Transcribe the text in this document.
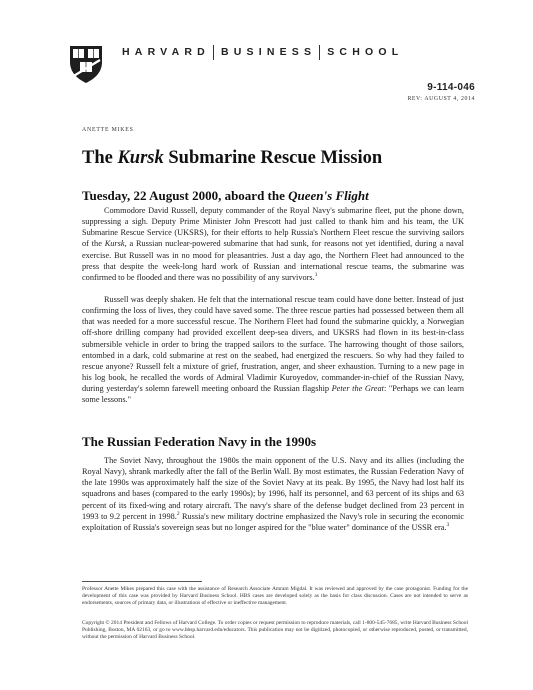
HARVARD BUSINESS SCHOOL
9-114-046
REV: AUGUST 4, 2014
ANETTE MIKES
The Kursk Submarine Rescue Mission
Tuesday, 22 August 2000, aboard the Queen's Flight

Commodore David Russell, deputy commander of the Royal Navy's submarine fleet, put the phone down, suppressing a sigh. Deputy Prime Minister John Prescott had just called to thank him and his team, the UK Submarine Rescue Service (UKSRS), for their efforts to help Russia's Northern Fleet rescue the surviving sailors of the Kursk, a Russian nuclear-powered submarine that had sunk, for reasons not yet identified, during a naval exercise. But Russell was in no mood for pleasantries. Just a day ago, the Northern Fleet had announced to the press that despite the week-long hard work of Russian and international rescue teams, the submarine was confirmed to be flooded and there was no possibility of any survivors.$^1$

Russell was deeply shaken. He felt that the international rescue team could have done better. Instead of just confirming the loss of lives, they could have saved some. The three rescue parties had possessed between them all that was needed for a more successful rescue. The Northern Fleet had found the submarine quickly, a Norwegian off-shore drilling company had provided excellent deep-sea divers, and UKSRS had flown in its best-in-class submersible vehicle in order to bring the trapped sailors to the surface. The harrowing thought of those sailors, entombed in a dark, cold submarine at rest on the seabed, had energized the rescuers. So why had they failed to rescue anyone? Russell felt a mixture of grief, frustration, anger, and sheer exhaustion. Turning to a new page in his log book, he recalled the words of Admiral Vladimir Kuroyedov, commander-in-chief of the Russian Navy, during yesterday's solemn farewell meeting onboard the Russian flagship Peter the Great: "Perhaps we can learn some lessons."

The Russian Federation Navy in the 1990s

The Soviet Navy, throughout the 1980s the main opponent of the U.S. Navy and its allies (including the Royal Navy), shrank markedly after the fall of the Berlin Wall. By most estimates, the Russian Federation Navy of the late 1990s was approximately half the size of the Soviet Navy at its peak. By 1995, the Navy had lost half its squadrons and bases (compared to the early 1990s); by 1996, half its personnel, and 63 percent of its ships and 63 percent of its fixed-wing and rotary aircraft. The navy's share of the defense budget declined from 23 percent in 1993 to 9.2 percent in 1998.$^2$ Russia's new military doctrine emphasized the Navy's role in securing the economic exploitation of Russia's sovereign seas but no longer aspired for the "blue water" dominance of the USSR era.$^3$

Professor Anette Mikes prepared this case with the assistance of Research Associate Amram Migdal. It was reviewed and approved by the case protagonist. Funding for the development of this case was provided by Harvard Business School. HBS cases are developed solely as the basis for class discussion. Cases are not intended to serve as endorsements, sources of primary data, or illustrations of effective or ineffective management.
Copyright © 2014 President and Fellows of Harvard College. To order copies or request permission to reproduce materials, call 1-800-545-7685, write Harvard Business School Publishing, Boston, MA 02163, or go to www.hbsp.harvard.edu/educators. This publication may not be digitized, photocopied, or otherwise reproduced, posted, or transmitted, without the permission of Harvard Business School.
